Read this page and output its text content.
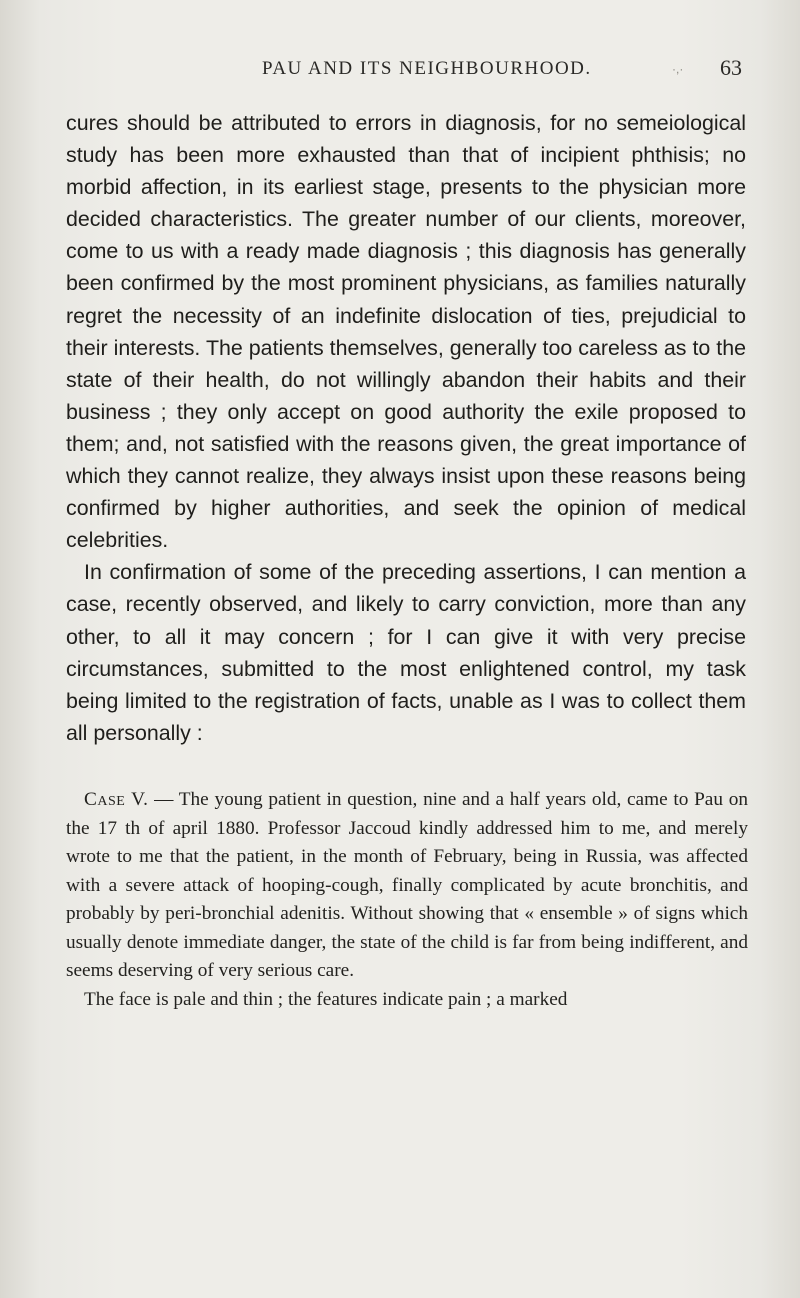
PAU AND ITS NEIGHBOURHOOD.	·,· 63

cures should be attributed to errors in diagnosis, for no semeiological study has been more exhausted than that of incipient phthisis; no morbid affection, in its earliest stage, presents to the physician more decided characteristics. The greater number of our clients, moreover, come to us with a ready made diagnosis ; this diagnosis has generally been confirmed by the most prominent physicians, as families naturally regret the necessity of an indefinite dislocation of ties, prejudicial to their interests. The patients themselves, generally too careless as to the state of their health, do not willingly abandon their habits and their business ; they only accept on good authority the exile proposed to them; and, not satisfied with the reasons given, the great importance of which they cannot realize, they always insist upon these reasons being confirmed by higher authorities, and seek the opinion of medical celebrities.

In confirmation of some of the preceding assertions, I can mention a case, recently observed, and likely to carry conviction, more than any other, to all it may concern ; for I can give it with very precise circumstances, submitted to the most enlightened control, my task being limited to the registration of facts, unable as I was to collect them all personally :

Case V. — The young patient in question, nine and a half years old, came to Pau on the 17 th of april 1880. Professor Jaccoud kindly addressed him to me, and merely wrote to me that the patient, in the month of February, being in Russia, was affected with a severe attack of hooping-cough, finally complicated by acute bronchitis, and probably by peri-bronchial adenitis. Without showing that « ensemble » of signs which usually denote immediate danger, the state of the child is far from being indifferent, and seems deserving of very serious care.

The face is pale and thin ; the features indicate pain ; a marked
